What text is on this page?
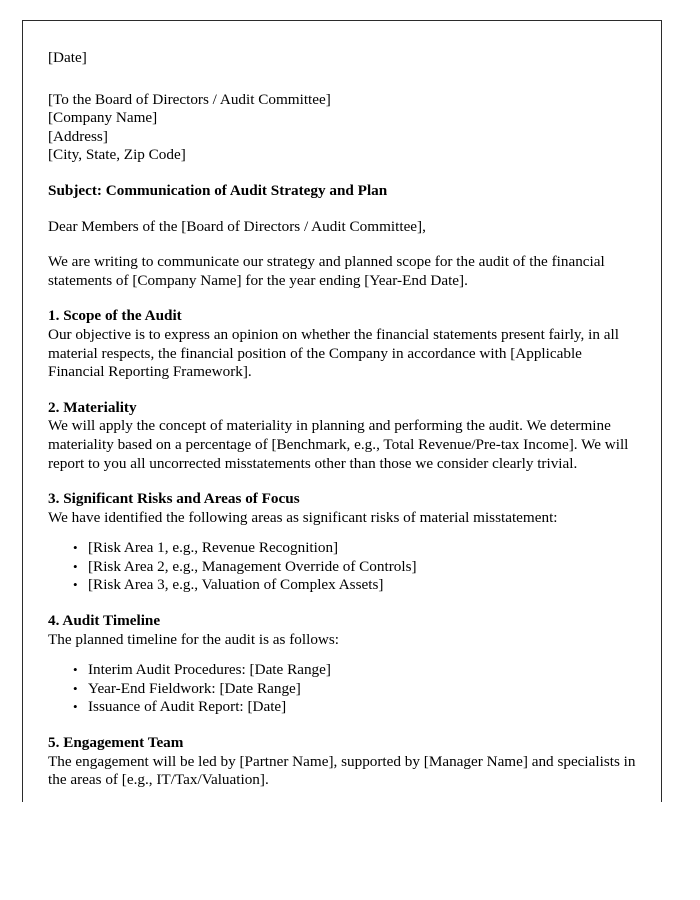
[Date]

[To the Board of Directors / Audit Committee]

[Company Name]

[Address]

[City, State, Zip Code]

Subject: Communication of Audit Strategy and Plan

Dear Members of the [Board of Directors / Audit Committee],

We are writing to communicate our strategy and planned scope for the audit of the financial statements of [Company Name] for the year ending [Year-End Date].

1. Scope of the Audit

Our objective is to express an opinion on whether the financial statements present fairly, in all material respects, the financial position of the Company in accordance with [Applicable Financial Reporting Framework].

2. Materiality

We will apply the concept of materiality in planning and performing the audit. We determine materiality based on a percentage of [Benchmark, e.g., Total Revenue/Pre-tax Income]. We will report to you all uncorrected misstatements other than those we consider clearly trivial.

3. Significant Risks and Areas of Focus

We have identified the following areas as significant risks of material misstatement:

• [Risk Area 1, e.g., Revenue Recognition]
• [Risk Area 2, e.g., Management Override of Controls]
• [Risk Area 3, e.g., Valuation of Complex Assets]

4. Audit Timeline

The planned timeline for the audit is as follows:

• Interim Audit Procedures: [Date Range]
• Year-End Fieldwork: [Date Range]
• Issuance of Audit Report: [Date]

5. Engagement Team

The engagement will be led by [Partner Name], supported by [Manager Name] and specialists in the areas of [e.g., IT/Tax/Valuation].
